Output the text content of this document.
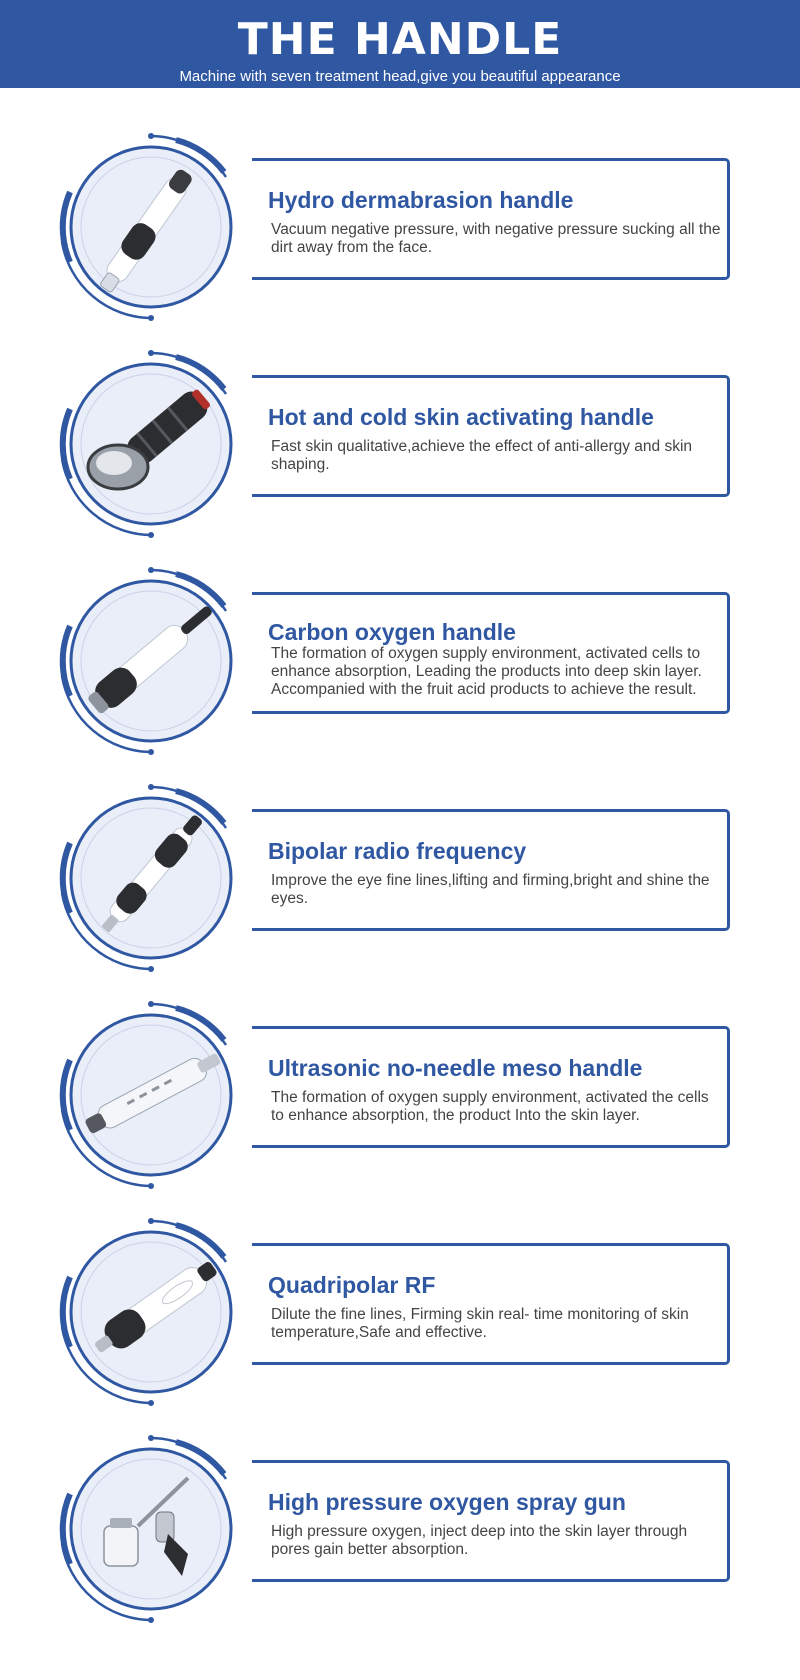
THE HANDLE
Machine with seven treatment head,give you beautiful appearance
Hydro dermabrasion handle
Vacuum negative pressure, with negative pressure sucking all the dirt away from the face.
Hot and cold skin activating handle
Fast skin qualitative,achieve the effect of anti-allergy and skin shaping.
Carbon oxygen handle
The formation of oxygen supply environment, activated cells to enhance absorption, Leading the products into deep skin layer. Accompanied with the fruit acid products to achieve the result.
Bipolar radio frequency
Improve the eye fine lines,lifting and firming,bright and shine the eyes.
Ultrasonic no-needle meso handle
The formation of oxygen supply environment, activated the cells to enhance absorption, the product Into the skin layer.
Quadripolar RF
Dilute the fine lines, Firming skin real- time monitoring of skin temperature,Safe and effective.
High pressure oxygen spray gun
High pressure oxygen, inject deep into the skin layer through pores gain better absorption.
